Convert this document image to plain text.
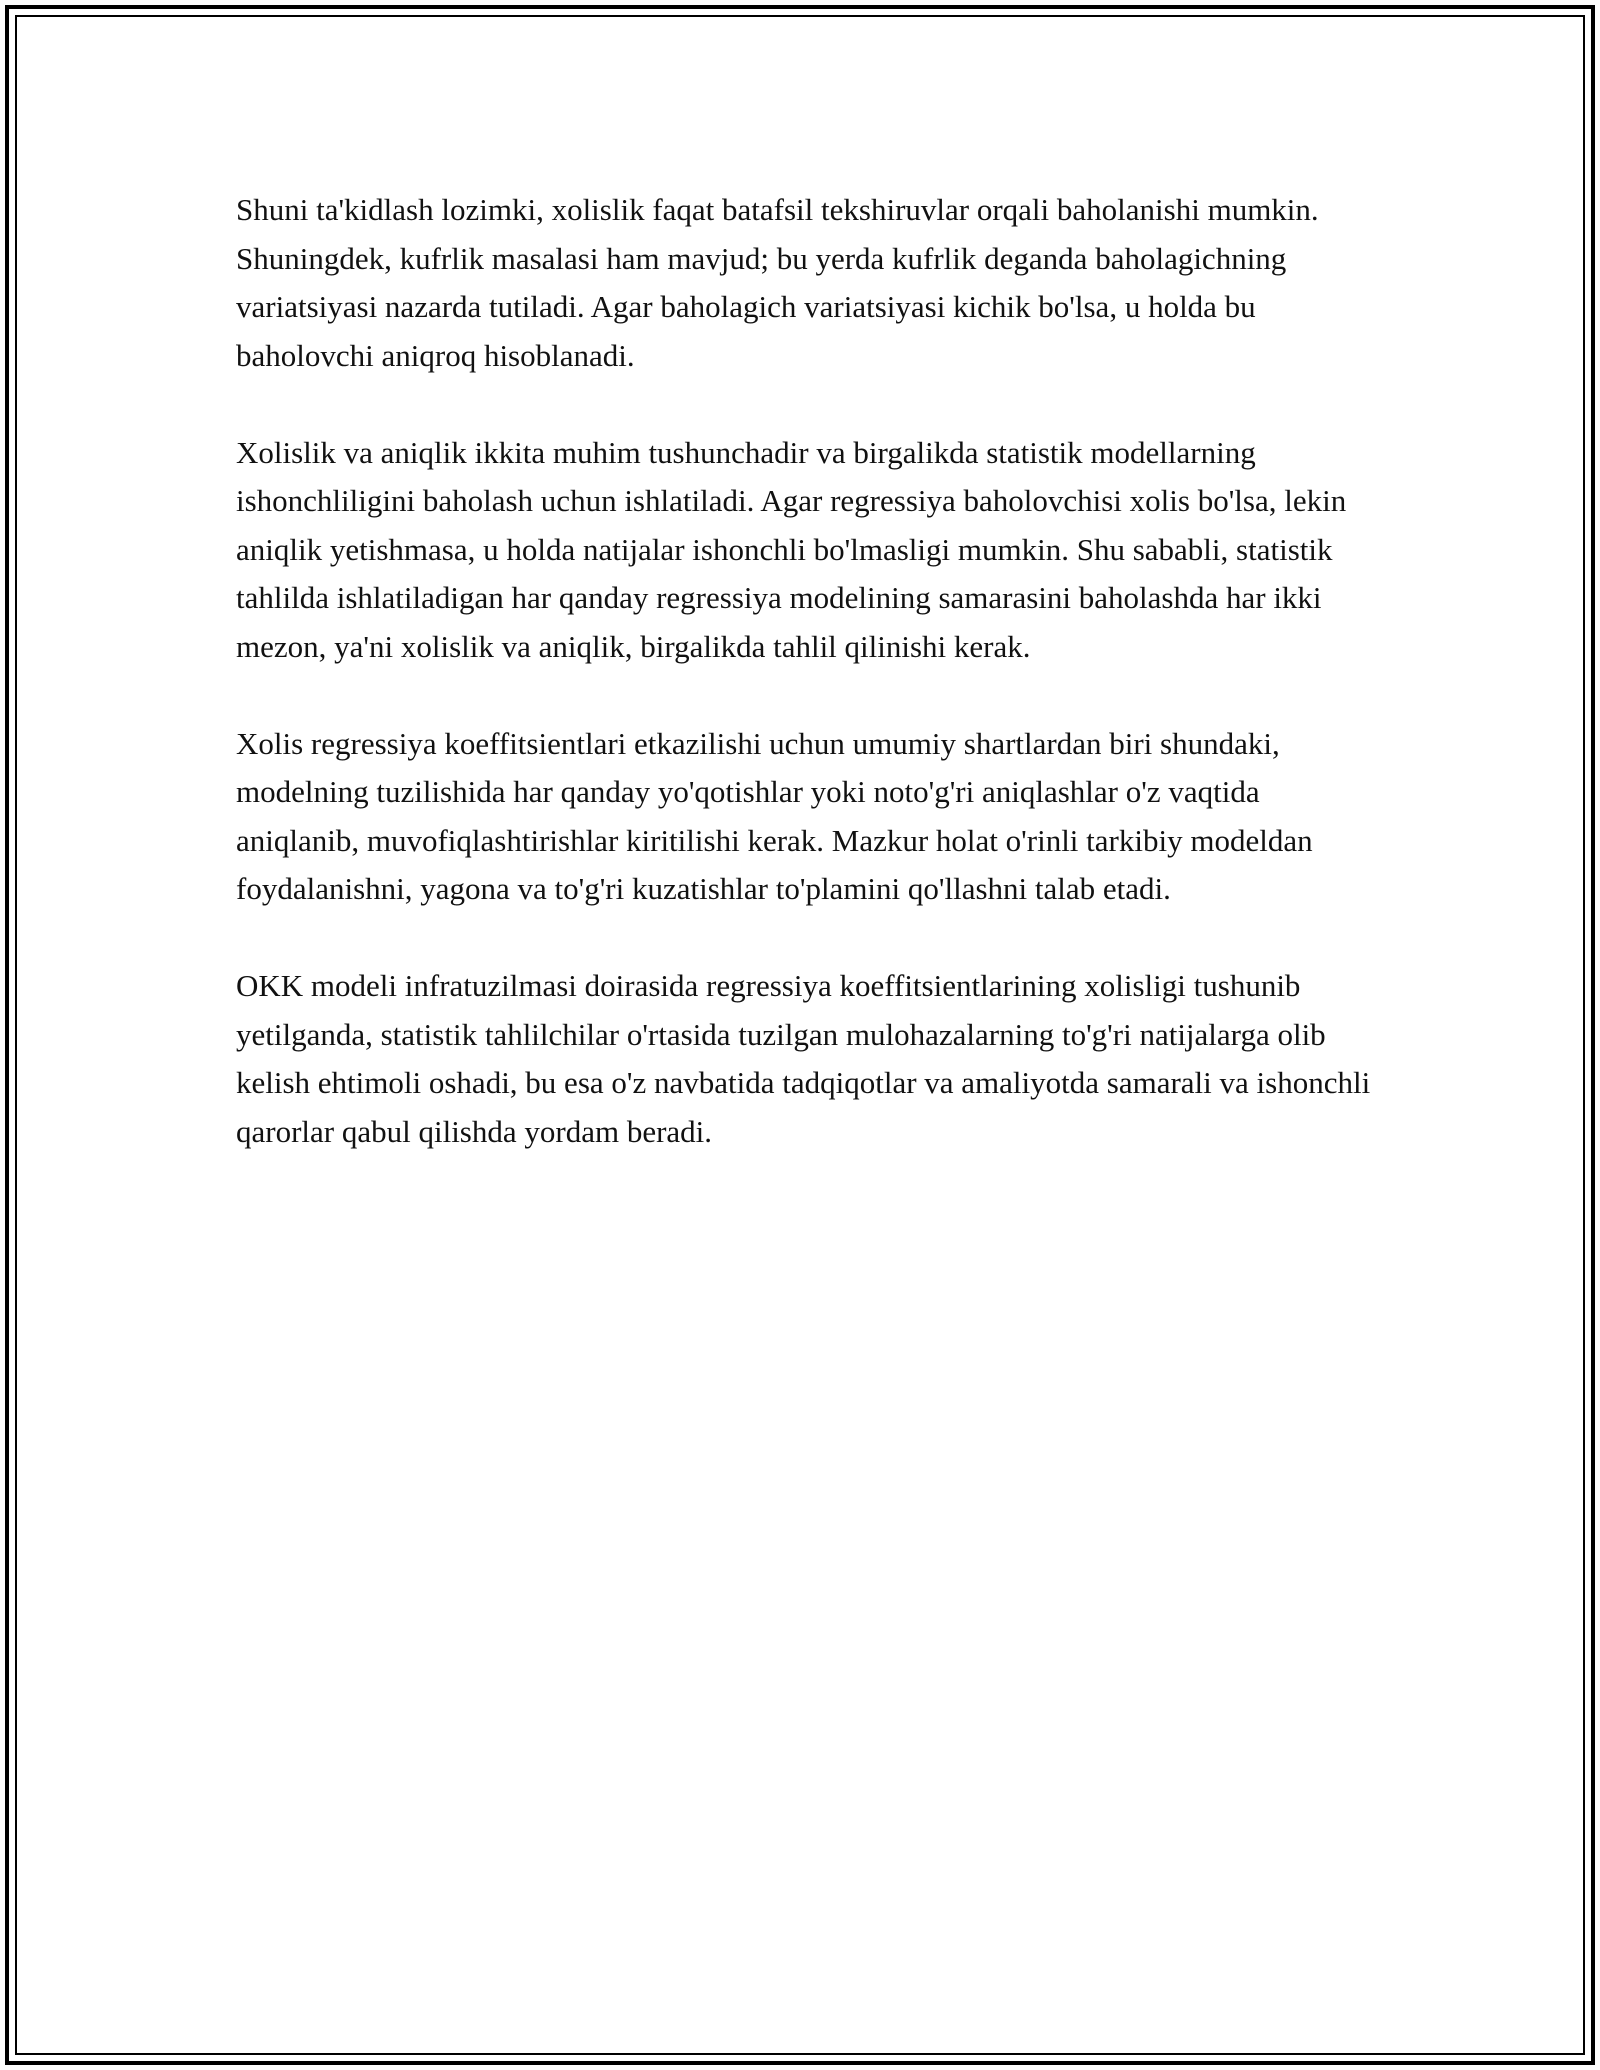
Shuni ta'kidlash lozimki, xolislik faqat batafsil tekshiruvlar orqali baholanishi mumkin. Shuningdek, kufrlik masalasi ham mavjud; bu yerda kufrlik deganda baholagichning variatsiyasi nazarda tutiladi. Agar baholagich variatsiyasi kichik bo'lsa, u holda bu baholovchi aniqroq hisoblanadi.

Xolislik va aniqlik ikkita muhim tushunchadir va birgalikda statistik modellarning ishonchliligini baholash uchun ishlatiladi. Agar regressiya baholovchisi xolis bo'lsa, lekin aniqlik yetishmasa, u holda natijalar ishonchli bo'lmasligi mumkin. Shu sababli, statistik tahlilda ishlatiladigan har qanday regressiya modelining samarasini baholashda har ikki mezon, ya'ni xolislik va aniqlik, birgalikda tahlil qilinishi kerak.

Xolis regressiya koeffitsientlari etkazilishi uchun umumiy shartlardan biri shundaki, modelning tuzilishida har qanday yo'qotishlar yoki noto'g'ri aniqlashlar o'z vaqtida aniqlanib, muvofiqlashtirishlar kiritilishi kerak. Mazkur holat o'rinli tarkibiy modeldan foydalanishni, yagona va to'g'ri kuzatishlar to'plamini qo'llashni talab etadi.

OKK modeli infratuzilmasi doirasida regressiya koeffitsientlarining xolisligi tushunib yetilganda, statistik tahlilchilar o'rtasida tuzilgan mulohazalarning to'g'ri natijalarga olib kelish ehtimoli oshadi, bu esa o'z navbatida tadqiqotlar va amaliyotda samarali va ishonchli qarorlar qabul qilishda yordam beradi.
